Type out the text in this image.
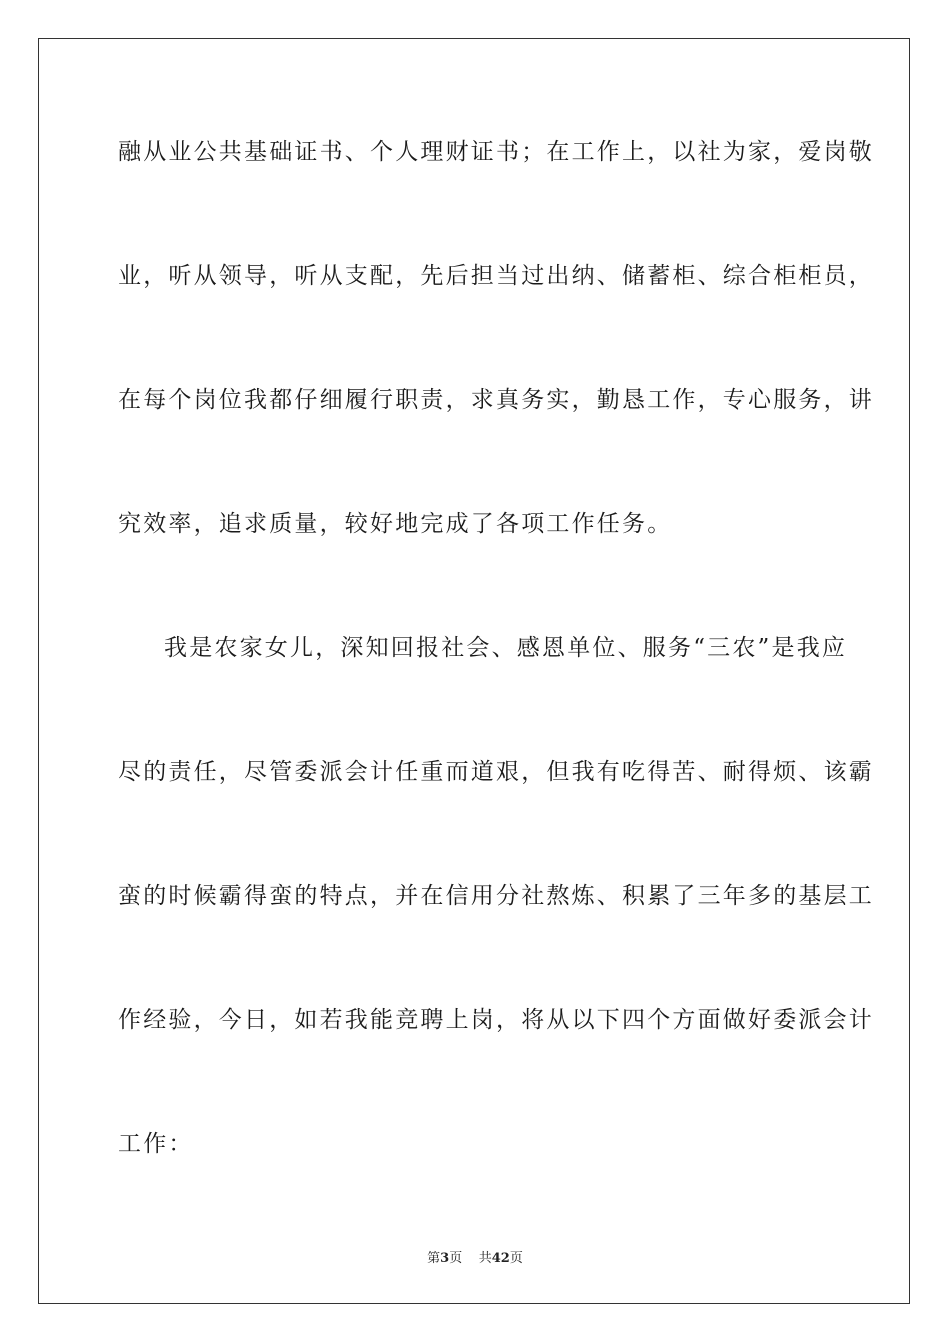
融从业公共基础证书、个人理财证书；在工作上，以社为家，爱岗敬
业，听从领导，听从支配，先后担当过出纳、储蓄柜、综合柜柜员，
在每个岗位我都仔细履行职责，求真务实，勤恳工作，专心服务，讲
究效率，追求质量，较好地完成了各项工作任务。
我是农家女儿，深知回报社会、感恩单位、服务“三农”是我应
尽的责任，尽管委派会计任重而道艰，但我有吃得苦、耐得烦、该霸
蛮的时候霸得蛮的特点，并在信用分社熬炼、积累了三年多的基层工
作经验，今日，如若我能竞聘上岗，将从以下四个方面做好委派会计
工作：
第3页 共42页
